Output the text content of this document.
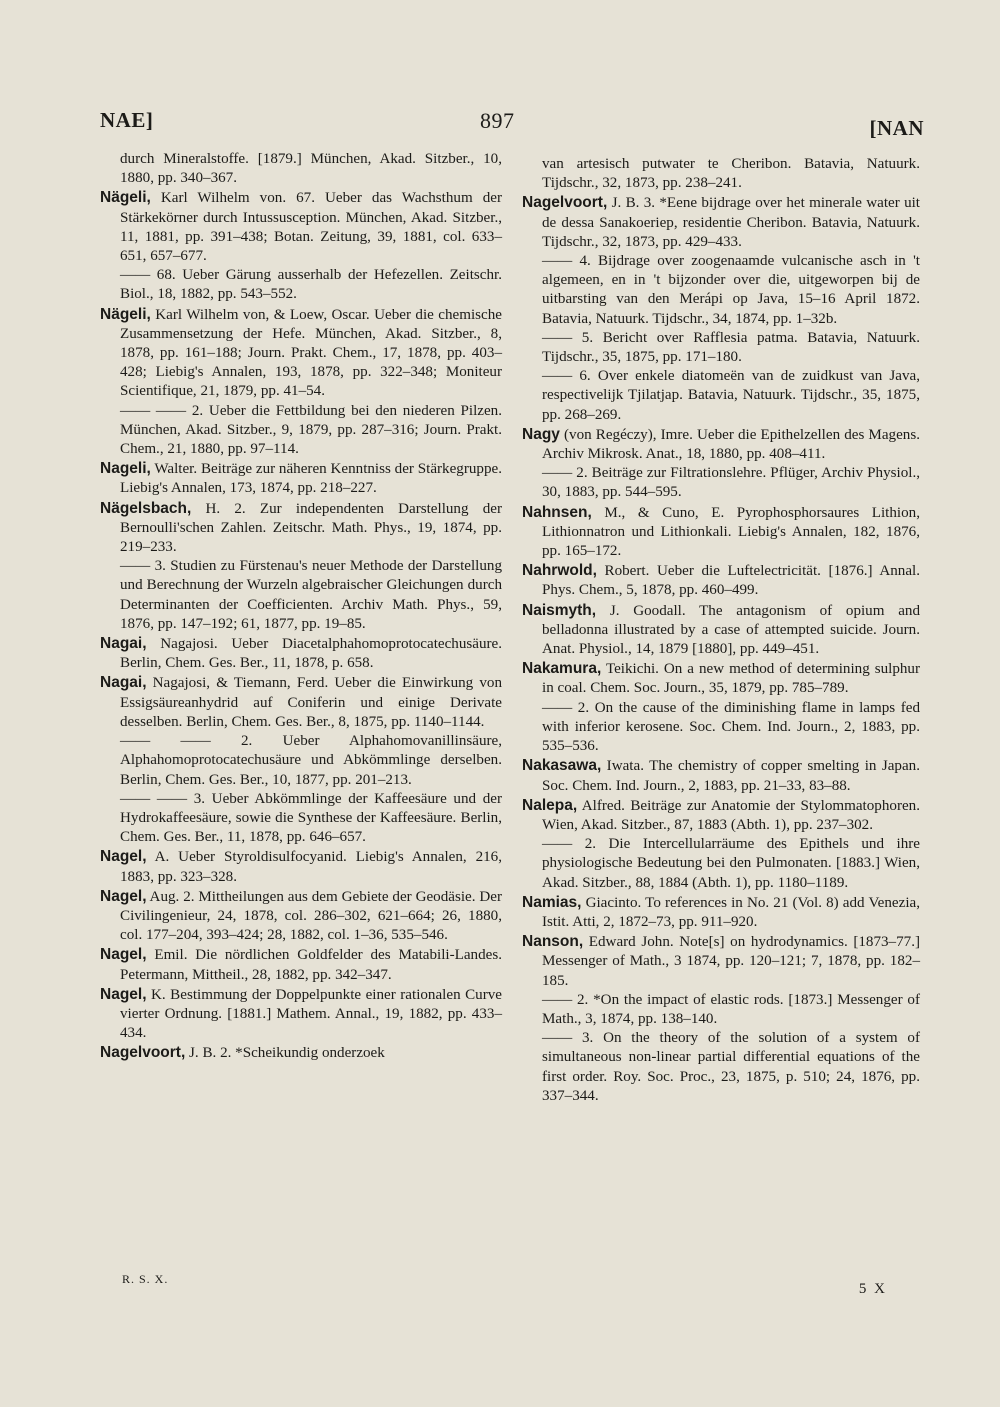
NAE]	897	[NAN

durch Mineralstoffe. [1879.] München, Akad. Sitzber., 10, 1880, pp. 340–367.

Nägeli, Karl Wilhelm von. 67. Ueber das Wachsthum der Stärkekörner durch Intussusception. München, Akad. Sitzber., 11, 1881, pp. 391–438; Botan. Zeitung, 39, 1881, col. 633–651, 657–677.

—— 68. Ueber Gärung ausserhalb der Hefezellen. Zeitschr. Biol., 18, 1882, pp. 543–552.

Nägeli, Karl Wilhelm von, & Loew, Oscar. Ueber die chemische Zusammensetzung der Hefe. München, Akad. Sitzber., 8, 1878, pp. 161–188; Journ. Prakt. Chem., 17, 1878, pp. 403–428; Liebig's Annalen, 193, 1878, pp. 322–348; Moniteur Scientifique, 21, 1879, pp. 41–54.

—— —— 2. Ueber die Fettbildung bei den niederen Pilzen. München, Akad. Sitzber., 9, 1879, pp. 287–316; Journ. Prakt. Chem., 21, 1880, pp. 97–114.

Nageli, Walter. Beiträge zur näheren Kenntniss der Stärkegruppe. Liebig's Annalen, 173, 1874, pp. 218–227.

Nägelsbach, H. 2. Zur independenten Darstellung der Bernoulli'schen Zahlen. Zeitschr. Math. Phys., 19, 1874, pp. 219–233.

—— 3. Studien zu Fürstenau's neuer Methode der Darstellung und Berechnung der Wurzeln algebraischer Gleichungen durch Determinanten der Coefficienten. Archiv Math. Phys., 59, 1876, pp. 147–192; 61, 1877, pp. 19–85.

Nagai, Nagajosi. Ueber Diacetalphahomoprotocatechusäure. Berlin, Chem. Ges. Ber., 11, 1878, p. 658.

Nagai, Nagajosi, & Tiemann, Ferd. Ueber die Einwirkung von Essigsäureanhydrid auf Coniferin und einige Derivate desselben. Berlin, Chem. Ges. Ber., 8, 1875, pp. 1140–1144.

—— —— 2. Ueber Alphahomovanillinsäure, Alphahomoprotocatechusäure und Abkömmlinge derselben. Berlin, Chem. Ges. Ber., 10, 1877, pp. 201–213.

—— —— 3. Ueber Abkömmlinge der Kaffeesäure und der Hydrokaffeesäure, sowie die Synthese der Kaffeesäure. Berlin, Chem. Ges. Ber., 11, 1878, pp. 646–657.

Nagel, A. Ueber Styroldisulfocyanid. Liebig's Annalen, 216, 1883, pp. 323–328.

Nagel, Aug. 2. Mittheilungen aus dem Gebiete der Geodäsie. Der Civilingenieur, 24, 1878, col. 286–302, 621–664; 26, 1880, col. 177–204, 393–424; 28, 1882, col. 1–36, 535–546.

Nagel, Emil. Die nördlichen Goldfelder des Matabili-Landes. Petermann, Mittheil., 28, 1882, pp. 342–347.

Nagel, K. Bestimmung der Doppelpunkte einer rationalen Curve vierter Ordnung. [1881.] Mathem. Annal., 19, 1882, pp. 433–434.

Nagelvoort, J. B. 2. *Scheikundig onderzoek

van artesisch putwater te Cheribon. Batavia, Natuurk. Tijdschr., 32, 1873, pp. 238–241.

Nagelvoort, J. B. 3. *Eene bijdrage over het minerale water uit de dessa Sanakoeriep, residentie Cheribon. Batavia, Natuurk. Tijdschr., 32, 1873, pp. 429–433.

—— 4. Bijdrage over zoogenaamde vulcanische asch in 't algemeen, en in 't bijzonder over die, uitgeworpen bij de uitbarsting van den Merápi op Java, 15–16 April 1872. Batavia, Natuurk. Tijdschr., 34, 1874, pp. 1–32b.

—— 5. Bericht over Rafflesia patma. Batavia, Natuurk. Tijdschr., 35, 1875, pp. 171–180.

—— 6. Over enkele diatomeën van de zuidkust van Java, respectivelijk Tjilatjap. Batavia, Natuurk. Tijdschr., 35, 1875, pp. 268–269.

Nagy (von Regéczy), Imre. Ueber die Epithelzellen des Magens. Archiv Mikrosk. Anat., 18, 1880, pp. 408–411.

—— 2. Beiträge zur Filtrationslehre. Pflüger, Archiv Physiol., 30, 1883, pp. 544–595.

Nahnsen, M., & Cuno, E. Pyrophosphorsaures Lithion, Lithionnatron und Lithionkali. Liebig's Annalen, 182, 1876, pp. 165–172.

Nahrwold, Robert. Ueber die Luftelectricität. [1876.] Annal. Phys. Chem., 5, 1878, pp. 460–499.

Naismyth, J. Goodall. The antagonism of opium and belladonna illustrated by a case of attempted suicide. Journ. Anat. Physiol., 14, 1879 [1880], pp. 449–451.

Nakamura, Teikichi. On a new method of determining sulphur in coal. Chem. Soc. Journ., 35, 1879, pp. 785–789.

—— 2. On the cause of the diminishing flame in lamps fed with inferior kerosene. Soc. Chem. Ind. Journ., 2, 1883, pp. 535–536.

Nakasawa, Iwata. The chemistry of copper smelting in Japan. Soc. Chem. Ind. Journ., 2, 1883, pp. 21–33, 83–88.

Nalepa, Alfred. Beiträge zur Anatomie der Stylommatophoren. Wien, Akad. Sitzber., 87, 1883 (Abth. 1), pp. 237–302.

—— 2. Die Intercellularräume des Epithels und ihre physiologische Bedeutung bei den Pulmonaten. [1883.] Wien, Akad. Sitzber., 88, 1884 (Abth. 1), pp. 1180–1189.

Namias, Giacinto. To references in No. 21 (Vol. 8) add Venezia, Istit. Atti, 2, 1872–73, pp. 911–920.

Nanson, Edward John. Note[s] on hydrodynamics. [1873–77.] Messenger of Math., 3 1874, pp. 120–121; 7, 1878, pp. 182–185.

—— 2. *On the impact of elastic rods. [1873.] Messenger of Math., 3, 1874, pp. 138–140.

—— 3. On the theory of the solution of a system of simultaneous non-linear partial differential equations of the first order. Roy. Soc. Proc., 23, 1875, p. 510; 24, 1876, pp. 337–344.

R. S. X.
5 X
